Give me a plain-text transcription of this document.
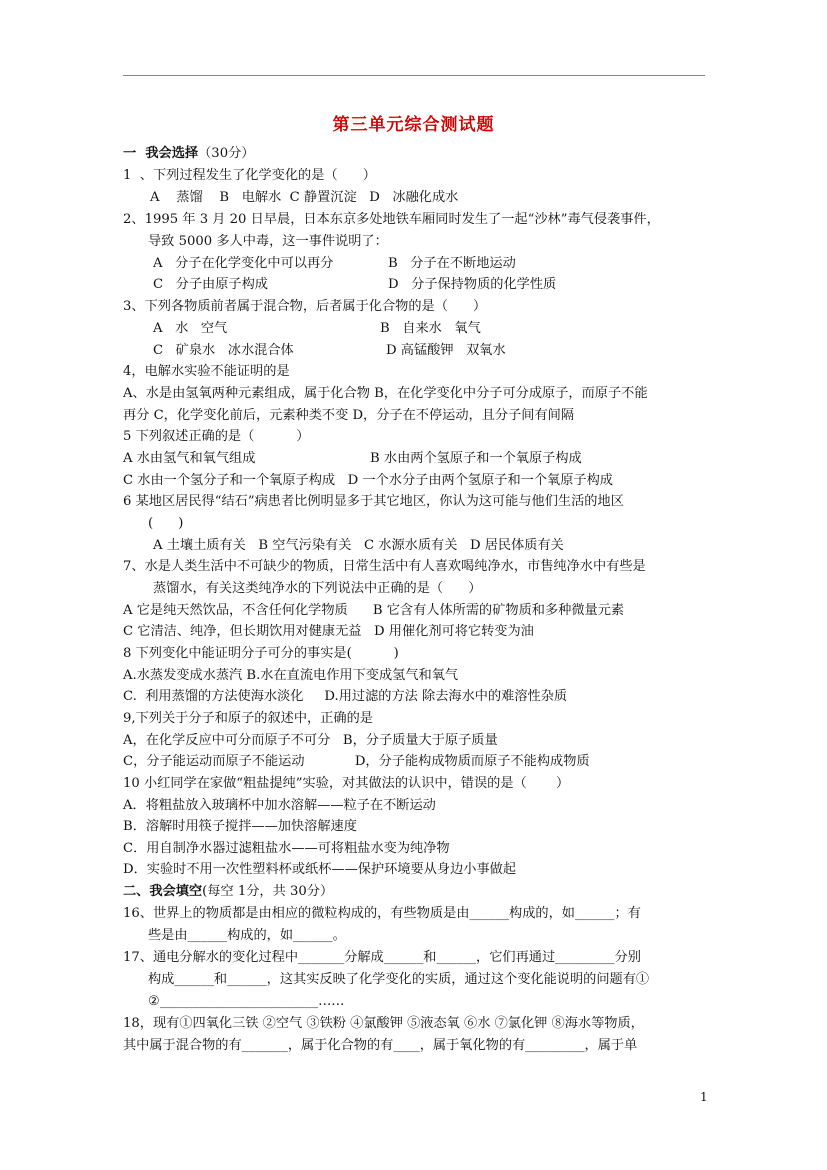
第三单元综合测试题
一  我会选择（30分）
1  、下列过程发生了化学变化的是（      ）
A    蒸馏    B   电解水  C 静置沉淀   D   冰融化成水
2、1995 年 3 月 20 日早晨，日本东京多处地铁车厢同时发生了一起“沙林”毒气侵袭事件，
导致 5000 多人中毒，这一事件说明了：
A   分子在化学变化中可以再分	B   分子在不断地运动
C   分子由原子构成	D   分子保持物质的化学性质
3、下列各物质前者属于混合物，后者属于化合物的是（      ）
A   水   空气	B   自来水   氧气
C   矿泉水   冰水混合体	D 高锰酸钾   双氧水
4，电解水实验不能证明的是
A、水是由氢氧两种元素组成，属于化合物 B，在化学变化中分子可分成原子，而原子不能
再分 C，化学变化前后，元素种类不变 D，分子在不停运动，且分子间有间隔
5 下列叙述正确的是（          ）
A 水由氢气和氧气组成	B 水由两个氢原子和一个氧原子构成
C 水由一个氢分子和一个氧原子构成   D 一个水分子由两个氢原子和一个氧原子构成
6 某地区居民得“结石”病患者比例明显多于其它地区，你认为这可能与他们生活的地区
(      )
A 土壤土质有关   B 空气污染有关   C 水源水质有关   D 居民体质有关
7、水是人类生活中不可缺少的物质，日常生活中有人喜欢喝纯净水，市售纯净水中有些是
蒸馏水，有关这类纯净水的下列说法中正确的是（      ）
A 它是纯天然饮品，不含任何化学物质      B 它含有人体所需的矿物质和多种微量元素
C 它清洁、纯净，但长期饮用对健康无益   D 用催化剂可将它转变为油
8 下列变化中能证明分子可分的事实是(          )
A.水蒸发变成水蒸汽 B.水在直流电作用下变成氢气和氧气
C.  利用蒸馏的方法使海水淡化     D.用过滤的方法 除去海水中的难溶性杂质
9,下列关于分子和原子的叙述中，正确的是
A，在化学反应中可分而原子不可分   B，分子质量大于原子质量
C，分子能运动而原子不能运动            D，分子能构成物质而原子不能构成物质
10 小红同学在家做“粗盐提纯”实验，对其做法的认识中，错误的是（       ）
A．将粗盐放入玻璃杯中加水溶解——粒子在不断运动
B．溶解时用筷子搅拌——加快溶解速度
C．用自制净水器过滤粗盐水——可将粗盐水变为纯净物
D．实验时不用一次性塑料杯或纸杯——保护环境要从身边小事做起
二、我会填空(每空 1分，共 30分）
16、世界上的物质都是由相应的微粒构成的，有些物质是由______构成的，如______；有
些是由______构成的，如______。
17、通电分解水的变化过程中_______分解成______和______，它们再通过_________分别
构成______和______，这其实反映了化学变化的实质，通过这个变化能说明的问题有①
②________________________……
18，现有①四氧化三铁 ②空气 ③铁粉 ④氯酸钾 ⑤液态氧 ⑥水 ⑦氯化钾 ⑧海水等物质，
其中属于混合物的有_______，属于化合物的有____，属于氧化物的有_________，属于单
1
